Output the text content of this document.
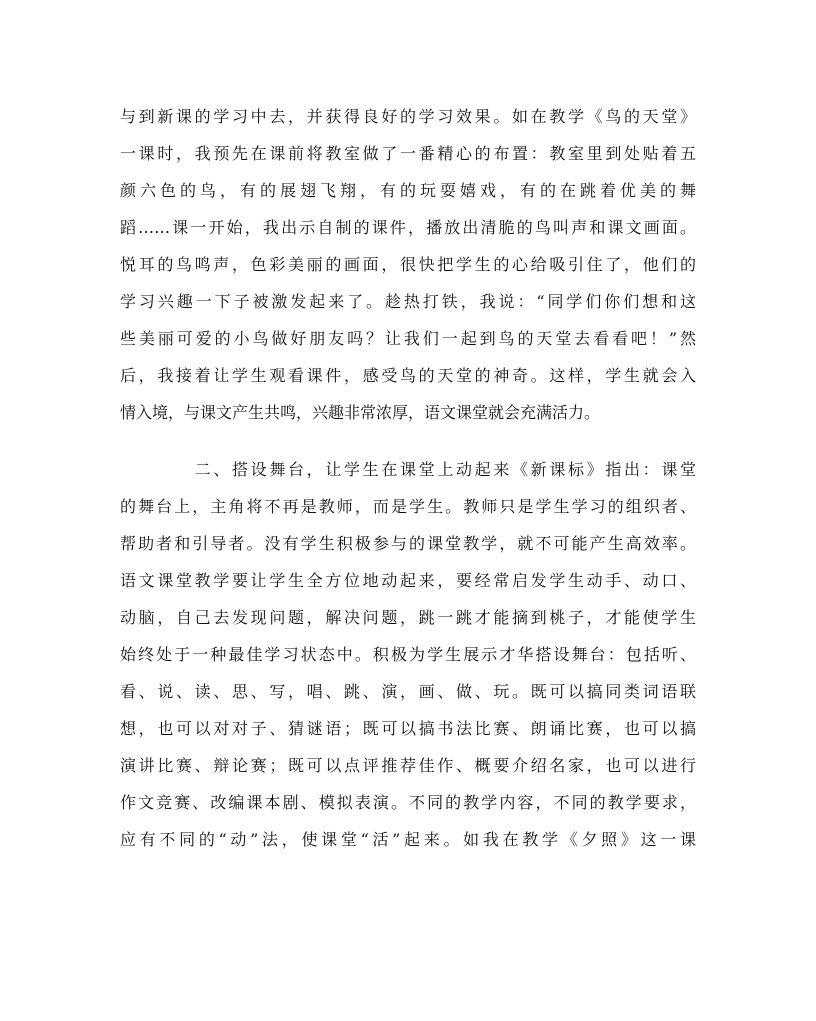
与到新课的学习中去，并获得良好的学习效果。如在教学《鸟的天堂》
一课时，我预先在课前将教室做了一番精心的布置：教室里到处贴着五
颜六色的鸟，有的展翅飞翔，有的玩耍嬉戏，有的在跳着优美的舞
蹈……课一开始，我出示自制的课件，播放出清脆的鸟叫声和课文画面。
悦耳的鸟鸣声，色彩美丽的画面，很快把学生的心给吸引住了，他们的
学习兴趣一下子被激发起来了。趁热打铁，我说：“同学们你们想和这
些美丽可爱的小鸟做好朋友吗？让我们一起到鸟的天堂去看看吧！”然
后，我接着让学生观看课件，感受鸟的天堂的神奇。这样，学生就会入
情入境，与课文产生共鸣，兴趣非常浓厚，语文课堂就会充满活力。
　　　　二、搭设舞台，让学生在课堂上动起来《新课标》指出：课堂
的舞台上，主角将不再是教师，而是学生。教师只是学生学习的组织者、
帮助者和引导者。没有学生积极参与的课堂教学，就不可能产生高效率。
语文课堂教学要让学生全方位地动起来，要经常启发学生动手、动口、
动脑，自己去发现问题，解决问题，跳一跳才能摘到桃子，才能使学生
始终处于一种最佳学习状态中。积极为学生展示才华搭设舞台：包括听、
看、说、读、思、写，唱、跳、演，画、做、玩。既可以搞同类词语联
想，也可以对对子、猜谜语；既可以搞书法比赛、朗诵比赛，也可以搞
演讲比赛、辩论赛；既可以点评推荐佳作、概要介绍名家，也可以进行
作文竞赛、改编课本剧、模拟表演。不同的教学内容，不同的教学要求，
应有不同的“动”法，使课堂“活”起来。如我在教学《夕照》这一课
